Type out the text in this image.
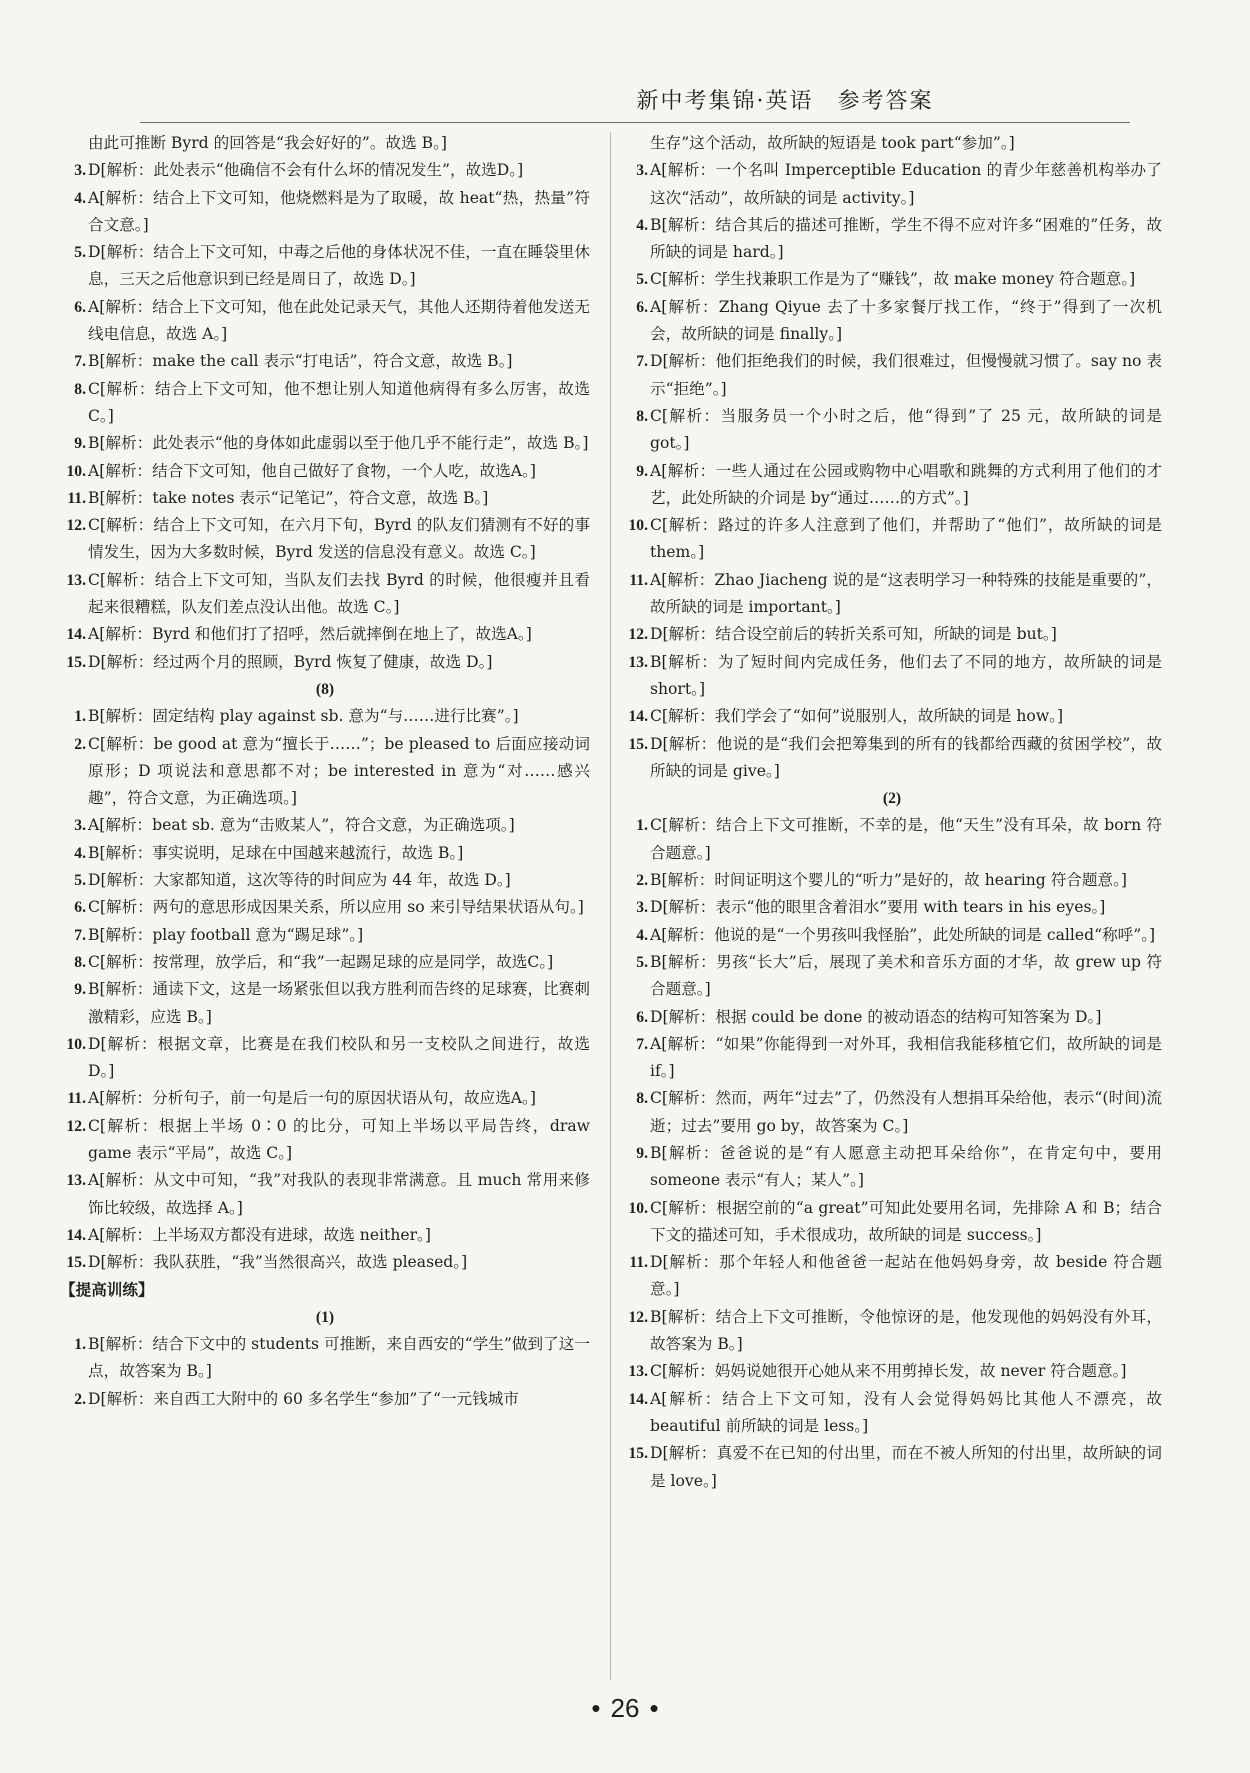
新中考集锦·英语　参考答案
由此可推断 Byrd 的回答是“我会好好的”。故选 B。]
3. D[解析：此处表示“他确信不会有什么坏的情况发生”，故选D。]
4. A[解析：结合上下文可知，他烧燃料是为了取暖，故 heat“热，热量”符合文意。]
5. D[解析：结合上下文可知，中毒之后他的身体状况不佳，一直在睡袋里休息，三天之后他意识到已经是周日了，故选 D。]
6. A[解析：结合上下文可知，他在此处记录天气，其他人还期待着他发送无线电信息，故选 A。]
7. B[解析：make the call 表示“打电话”，符合文意，故选 B。]
8. C[解析：结合上下文可知，他不想让别人知道他病得有多么厉害，故选 C。]
9. B[解析：此处表示“他的身体如此虚弱以至于他几乎不能行走”，故选 B。]
10. A[解析：结合下文可知，他自己做好了食物，一个人吃，故选A。]
11. B[解析：take notes 表示“记笔记”，符合文意，故选 B。]
12. C[解析：结合上下文可知，在六月下旬，Byrd 的队友们猜测有不好的事情发生，因为大多数时候，Byrd 发送的信息没有意义。故选 C。]
13. C[解析：结合上下文可知，当队友们去找 Byrd 的时候，他很瘦并且看起来很糟糕，队友们差点没认出他。故选 C。]
14. A[解析：Byrd 和他们打了招呼，然后就摔倒在地上了，故选A。]
15. D[解析：经过两个月的照顾，Byrd 恢复了健康，故选 D。]
(8)
1. B[解析：固定结构 play against sb. 意为“与……进行比赛”。]
2. C[解析：be good at 意为“擅长于……”；be pleased to 后面应接动词原形；D 项说法和意思都不对；be interested in 意为“对……感兴趣”，符合文意，为正确选项。]
3. A[解析：beat sb. 意为“击败某人”，符合文意，为正确选项。]
4. B[解析：事实说明，足球在中国越来越流行，故选 B。]
5. D[解析：大家都知道，这次等待的时间应为 44 年，故选 D。]
6. C[解析：两句的意思形成因果关系，所以应用 so 来引导结果状语从句。]
7. B[解析：play football 意为“踢足球”。]
8. C[解析：按常理，放学后，和“我”一起踢足球的应是同学，故选C。]
9. B[解析：通读下文，这是一场紧张但以我方胜利而告终的足球赛，比赛刺激精彩，应选 B。]
10. D[解析：根据文章，比赛是在我们校队和另一支校队之间进行，故选 D。]
11. A[解析：分析句子，前一句是后一句的原因状语从句，故应选A。]
12. C[解析：根据上半场 0∶0 的比分，可知上半场以平局告终，draw game 表示“平局”，故选 C。]
13. A[解析：从文中可知，“我”对我队的表现非常满意。且 much 常用来修饰比较级，故选择 A。]
14. A[解析：上半场双方都没有进球，故选 neither。]
15. D[解析：我队获胜，“我”当然很高兴，故选 pleased。]
【提高训练】
(1)
1. B[解析：结合下文中的 students 可推断，来自西安的“学生”做到了这一点，故答案为 B。]
2. D[解析：来自西工大附中的 60 多名学生“参加”了“一元钱城市
生存”这个活动，故所缺的短语是 took part“参加”。]
3. A[解析：一个名叫 Imperceptible Education 的青少年慈善机构举办了这次“活动”，故所缺的词是 activity。]
4. B[解析：结合其后的描述可推断，学生不得不应对许多“困难的”任务，故所缺的词是 hard。]
5. C[解析：学生找兼职工作是为了“赚钱”，故 make money 符合题意。]
6. A[解析：Zhang Qiyue 去了十多家餐厅找工作，“终于”得到了一次机会，故所缺的词是 finally。]
7. D[解析：他们拒绝我们的时候，我们很难过，但慢慢就习惯了。say no 表示“拒绝”。]
8. C[解析：当服务员一个小时之后，他“得到”了 25 元，故所缺的词是 got。]
9. A[解析：一些人通过在公园或购物中心唱歌和跳舞的方式利用了他们的才艺，此处所缺的介词是 by“通过……的方式”。]
10. C[解析：路过的许多人注意到了他们，并帮助了“他们”，故所缺的词是 them。]
11. A[解析：Zhao Jiacheng 说的是“这表明学习一种特殊的技能是重要的”，故所缺的词是 important。]
12. D[解析：结合设空前后的转折关系可知，所缺的词是 but。]
13. B[解析：为了短时间内完成任务，他们去了不同的地方，故所缺的词是 short。]
14. C[解析：我们学会了“如何”说服别人，故所缺的词是 how。]
15. D[解析：他说的是“我们会把筹集到的所有的钱都给西藏的贫困学校”，故所缺的词是 give。]
(2)
1. C[解析：结合上下文可推断，不幸的是，他“天生”没有耳朵，故 born 符合题意。]
2. B[解析：时间证明这个婴儿的“听力”是好的，故 hearing 符合题意。]
3. D[解析：表示“他的眼里含着泪水”要用 with tears in his eyes。]
4. A[解析：他说的是“一个男孩叫我怪胎”，此处所缺的词是 called“称呼”。]
5. B[解析：男孩“长大”后，展现了美术和音乐方面的才华，故 grew up 符合题意。]
6. D[解析：根据 could be done 的被动语态的结构可知答案为 D。]
7. A[解析：“如果”你能得到一对外耳，我相信我能移植它们，故所缺的词是 if。]
8. C[解析：然而，两年“过去”了，仍然没有人想捐耳朵给他，表示“(时间)流逝；过去”要用 go by，故答案为 C。]
9. B[解析：爸爸说的是“有人愿意主动把耳朵给你”，在肯定句中，要用 someone 表示“有人；某人”。]
10. C[解析：根据空前的“a great”可知此处要用名词，先排除 A 和 B；结合下文的描述可知，手术很成功，故所缺的词是 success。]
11. D[解析：那个年轻人和他爸爸一起站在他妈妈身旁，故 beside 符合题意。]
12. B[解析：结合上下文可推断，令他惊讶的是，他发现他的妈妈没有外耳，故答案为 B。]
13. C[解析：妈妈说她很开心她从来不用剪掉长发，故 never 符合题意。]
14. A[解析：结合上下文可知，没有人会觉得妈妈比其他人不漂亮，故 beautiful 前所缺的词是 less。]
15. D[解析：真爱不在已知的付出里，而在不被人所知的付出里，故所缺的词是 love。]
• 26 •
